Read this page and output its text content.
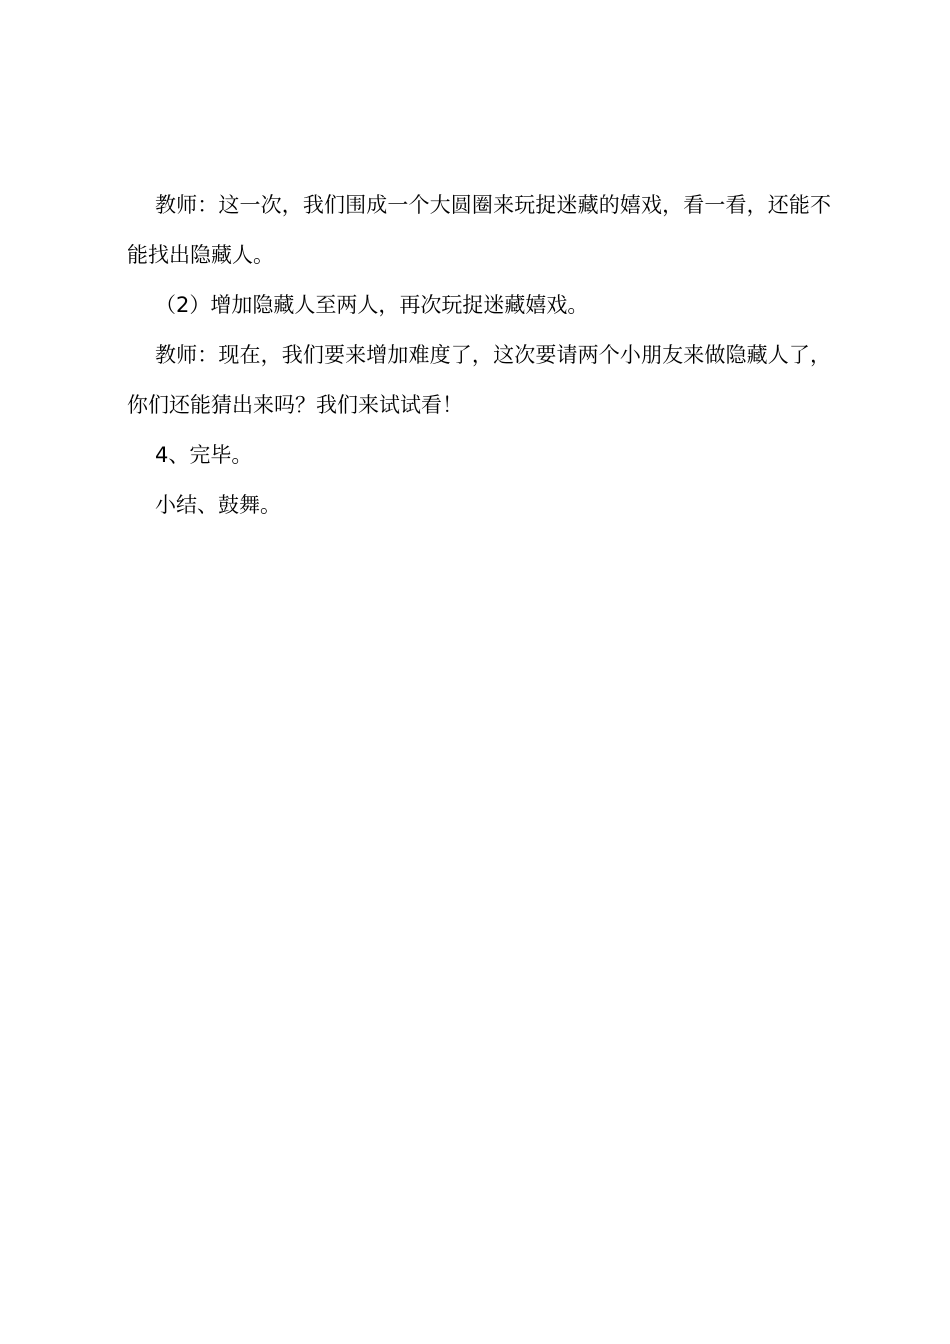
教师：这一次，我们围成一个大圆圈来玩捉迷藏的嬉戏，看一看，还能不能找出隐藏人。

（2）增加隐藏人至两人，再次玩捉迷藏嬉戏。

教师：现在，我们要来增加难度了，这次要请两个小朋友来做隐藏人了，你们还能猜出来吗？我们来试试看！

4、完毕。

小结、鼓舞。
